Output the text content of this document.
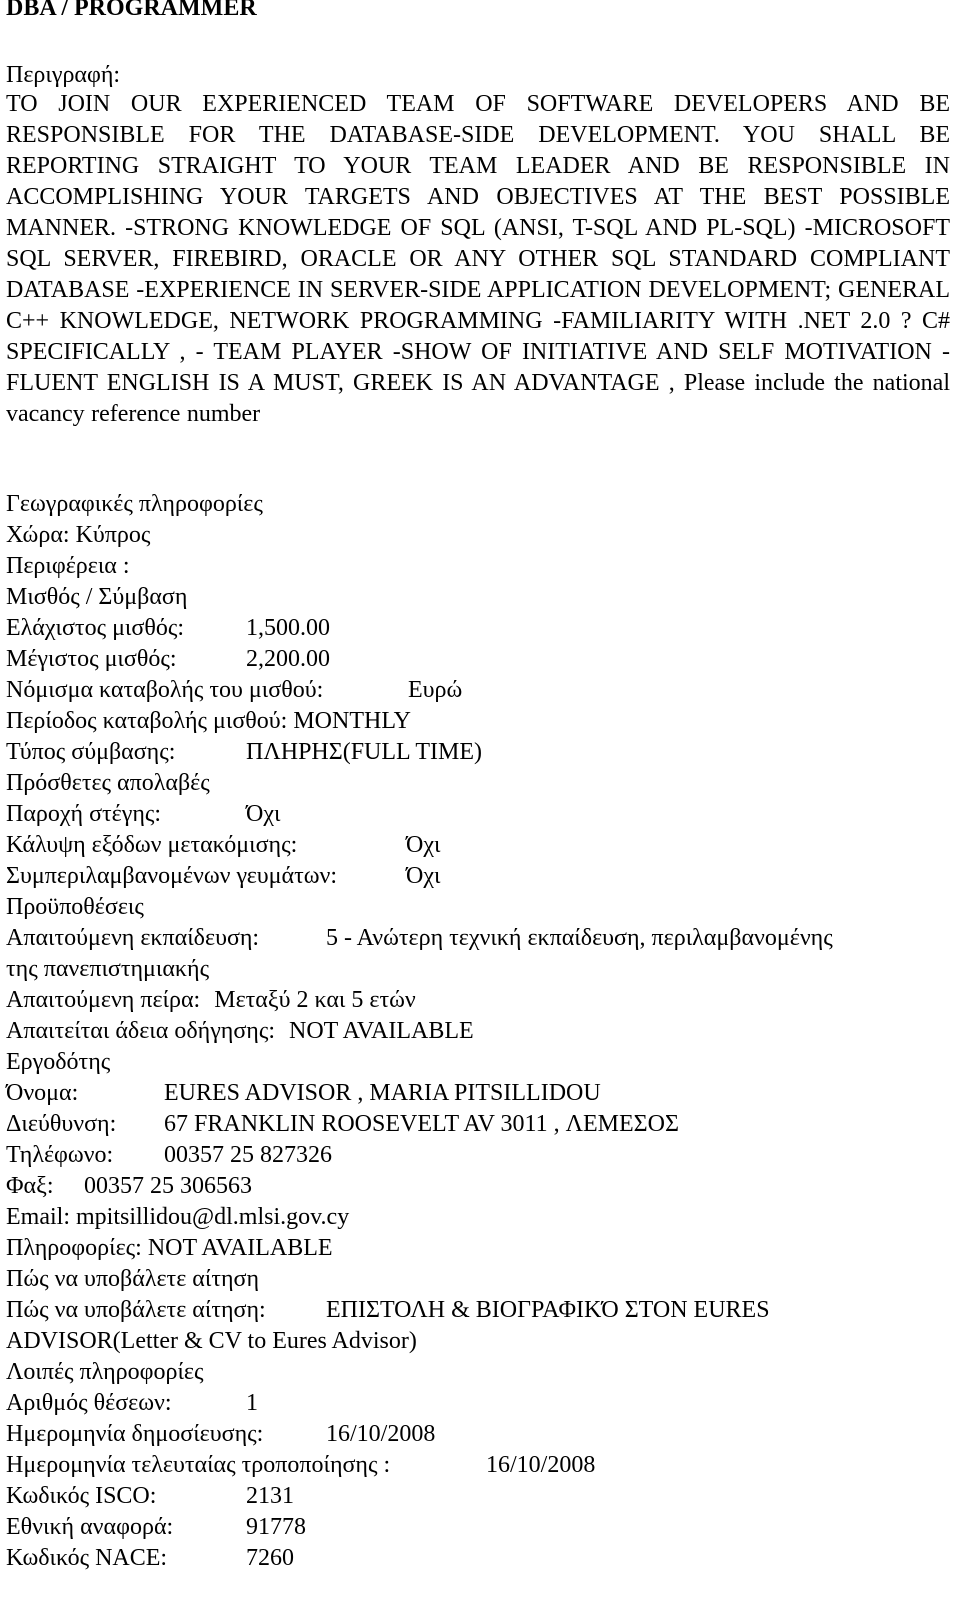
DBA / PROGRAMMER
Περιγραφή:
TO JOIN OUR EXPERIENCED TEAM OF SOFTWARE DEVELOPERS AND BE RESPONSIBLE FOR THE DATABASE-SIDE DEVELOPMENT. YOU SHALL BE REPORTING STRAIGHT TO YOUR TEAM LEADER AND BE RESPONSIBLE IN ACCOMPLISHING YOUR TARGETS AND OBJECTIVES AT THE BEST POSSIBLE MANNER. -STRONG KNOWLEDGE OF SQL (ANSI, T-SQL AND PL-SQL) -MICROSOFT SQL SERVER, FIREBIRD, ORACLE OR ANY OTHER SQL STANDARD COMPLIANT DATABASE -EXPERIENCE IN SERVER-SIDE APPLICATION DEVELOPMENT; GENERAL C++ KNOWLEDGE, NETWORK PROGRAMMING -FAMILIARITY WITH .NET 2.0 ? C# SPECIFICALLY , - TEAM PLAYER -SHOW OF INITIATIVE AND SELF MOTIVATION -FLUENT ENGLISH IS A MUST, GREEK IS AN ADVANTAGE , Please include the national vacancy reference number
Γεωγραφικές πληροφορίες
Χώρα: Κύπρος
Περιφέρεια :
Μισθός / Σύμβαση
Ελάχιστος μισθός:	1,500.00
Μέγιστος μισθός:	2,200.00
Νόμισμα καταβολής του μισθού:	Ευρώ
Περίοδος καταβολής μισθού: MONTHLY
Τύπος σύμβασης:	ΠΛΗΡΗΣ(FULL TIME)
Πρόσθετες απολαβές
Παροχή στέγης:	Όχι
Κάλυψη εξόδων μετακόμισης:	Όχι
Συμπεριλαμβανομένων γευμάτων:	Όχι
Προϋποθέσεις
Απαιτούμενη εκπαίδευση:	5 - Ανώτερη τεχνική εκπαίδευση, περιλαμβανομένης
της πανεπιστημιακής
Απαιτούμενη πείρα: Μεταξύ 2 και 5 ετών
Απαιτείται άδεια οδήγησης: NOT AVAILABLE
Εργοδότης
Όνομα:	EURES ADVISOR , MARIA PITSILLIDOU
Διεύθυνση: 67 FRANKLIN ROOSEVELT AV 3011 , ΛΕΜΕΣΟΣ
Τηλέφωνο: 00357 25 827326
Φαξ: 00357 25 306563
Email: mpitsillidou@dl.mlsi.gov.cy
Πληροφορίες: NOT AVAILABLE
Πώς να υποβάλετε αίτηση
Πώς να υποβάλετε αίτηση:	ΕΠΙΣΤΟΛΗ & ΒΙΟΓΡΑΦΙΚΌ ΣΤΟΝ EURES
ADVISOR(Letter & CV to Eures Advisor)
Λοιπές πληροφορίες
Αριθμός θέσεων:	1
Ημερομηνία δημοσίευσης:	16/10/2008
Ημερομηνία τελευταίας τροποποίησης :	16/10/2008
Κωδικός ISCO:	2131
Εθνική αναφορά:	91778
Κωδικός NACE:	7260
